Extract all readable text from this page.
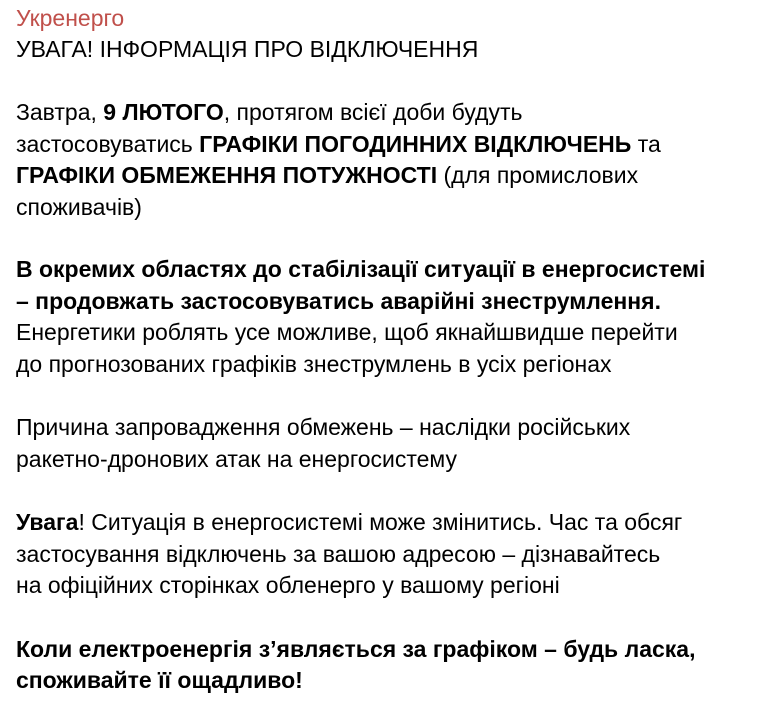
Укренерго
УВАГА! ІНФОРМАЦІЯ ПРО ВІДКЛЮЧЕННЯ
Завтра, 9 ЛЮТОГО, протягом всієї доби будуть
застосовуватись ГРАФІКИ ПОГОДИННИХ ВІДКЛЮЧЕНЬ та
ГРАФІКИ ОБМЕЖЕННЯ ПОТУЖНОСТІ (для промислових
споживачів)
В окремих областях до стабілізації ситуації в енергосистемі
– продовжать застосовуватись аварійні знеструмлення.
Енергетики роблять усе можливе, щоб якнайшвидше перейти
до прогнозованих графіків знеструмлень в усіх регіонах
Причина запровадження обмежень – наслідки російських
ракетно-дронових атак на енергосистему
Увага! Ситуація в енергосистемі може змінитись. Час та обсяг
застосування відключень за вашою адресою – дізнавайтесь
на офіційних сторінках обленерго у вашому регіоні
Коли електроенергія з’являється за графіком – будь ласка,
споживайте її ощадливо!
